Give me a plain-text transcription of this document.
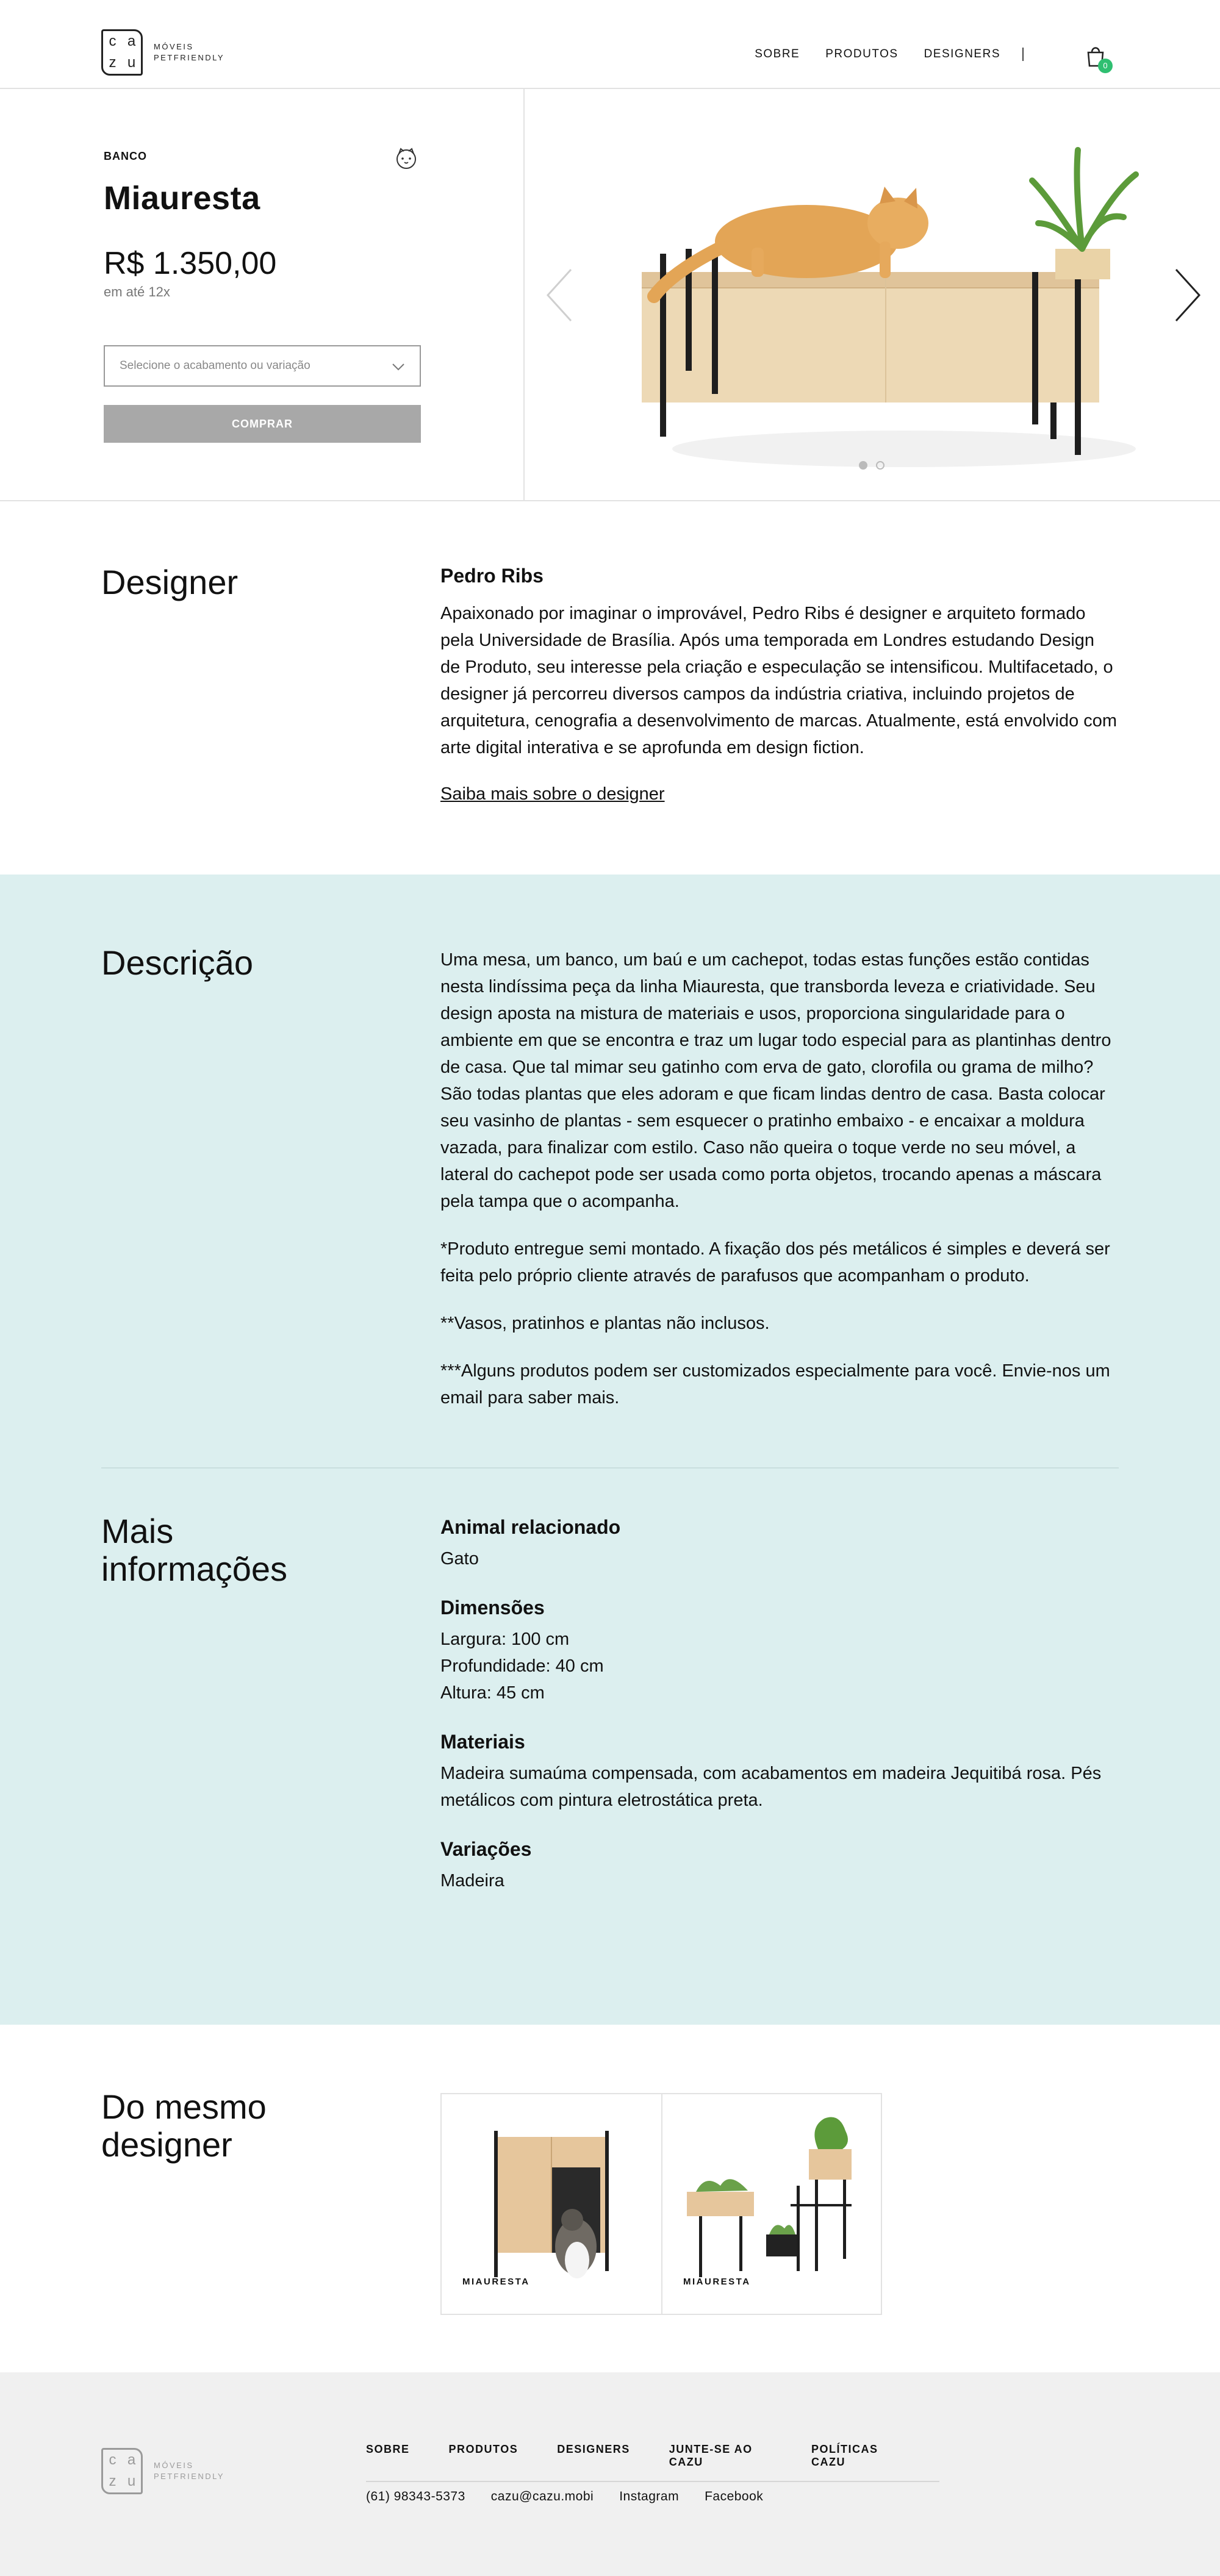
c a
z u
MÓVEIS
PETFRIENDLY	SOBRE PRODUTOS DESIGNERS
0
BANCO
Miauresta
R$ 1.350,00
em até 12x
Selecione o acabamento ou variação
COMPRAR
Designer	Pedro Ribs

Apaixonado por imaginar o improvável, Pedro Ribs é designer e arquiteto formado pela Universidade de Brasília. Após uma temporada em Londres estudando Design de Produto, seu interesse pela criação e especulação se intensificou. Multifacetado, o designer já percorreu diversos campos da indústria criativa, incluindo projetos de arquitetura, cenografia a desenvolvimento de marcas. Atualmente, está envolvido com arte digital interativa e se aprofunda em design fiction.

Saiba mais sobre o designer
Descrição	Uma mesa, um banco, um baú e um cachepot, todas estas funções estão contidas nesta lindíssima peça da linha Miauresta, que transborda leveza e criatividade. Seu design aposta na mistura de materiais e usos, proporciona singularidade para o ambiente em que se encontra e traz um lugar todo especial para as plantinhas dentro de casa. Que tal mimar seu gatinho com erva de gato, clorofila ou grama de milho? São todas plantas que eles adoram e que ficam lindas dentro de casa. Basta colocar seu vasinho de plantas - sem esquecer o pratinho embaixo - e encaixar a moldura vazada, para finalizar com estilo. Caso não queira o toque verde no seu móvel, a lateral do cachepot pode ser usada como porta objetos, trocando apenas a máscara pela tampa que o acompanha.

*Produto entregue semi montado. A fixação dos pés metálicos é simples e deverá ser feita pelo próprio cliente através de parafusos que acompanham o produto.

**Vasos, pratinhos e plantas não inclusos.

***Alguns produtos podem ser customizados especialmente para você. Envie-nos um email para saber mais.

Mais informações
Animal relacionado
Gato
Dimensões
Largura: 100 cm
Profundidade: 40 cm
Altura: 45 cm
Materiais
Madeira sumaúma compensada, com acabamentos em madeira Jequitibá rosa. Pés metálicos com pintura eletrostática preta.
Variações
Madeira
Do mesmo designer
MIAURESTA	MIAURESTA
c a
z u
MÓVEIS
PETFRIENDLY
SOBRE	PRODUTOS	DESIGNERS	JUNTE-SE AO CAZU
POLÍTICAS CAZU
(61) 98343-5373 cazu@cazu.mobi Instagram Facebook
